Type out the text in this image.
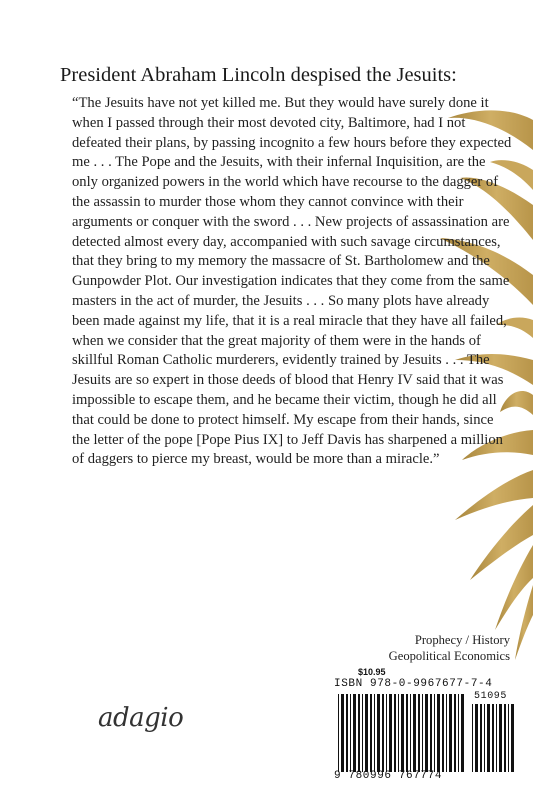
President Abraham Lincoln despised the Jesuits:
“The Jesuits have not yet killed me. But they would have surely done it when I passed through their most devoted city, Baltimore, had I not defeated their plans, by passing incognito a few hours before they expected me . . . The Pope and the Jesuits, with their infernal Inquisition, are the only organized powers in the world which have recourse to the dagger of the assassin to murder those whom they cannot convince with their arguments or conquer with the sword . . . New projects of assassination are detected almost every day, accompanied with such savage circumstances, that they bring to my memory the massacre of St. Bartholomew and the Gunpowder Plot. Our investigation indicates that they come from the same masters in the act of murder, the Jesuits . . . So many plots have already been made against my life, that it is a real miracle that they have all failed, when we consider that the great majority of them were in the hands of skillful Roman Catholic murderers, evidently trained by Jesuits . . . The Jesuits are so expert in those deeds of blood that Henry IV said that it was impossible to escape them, and he became their victim, though he did all that could be done to protect himself. My escape from their hands, since the letter of the pope [Pope Pius IX] to Jeff Davis has sharpened a million of daggers to pierce my breast, would be more than a miracle.”
Prophecy / History
Geopolitical Economics
adagio
$10.95
ISBN 978-0-9967677-7-4
51095
9 780996 767774
